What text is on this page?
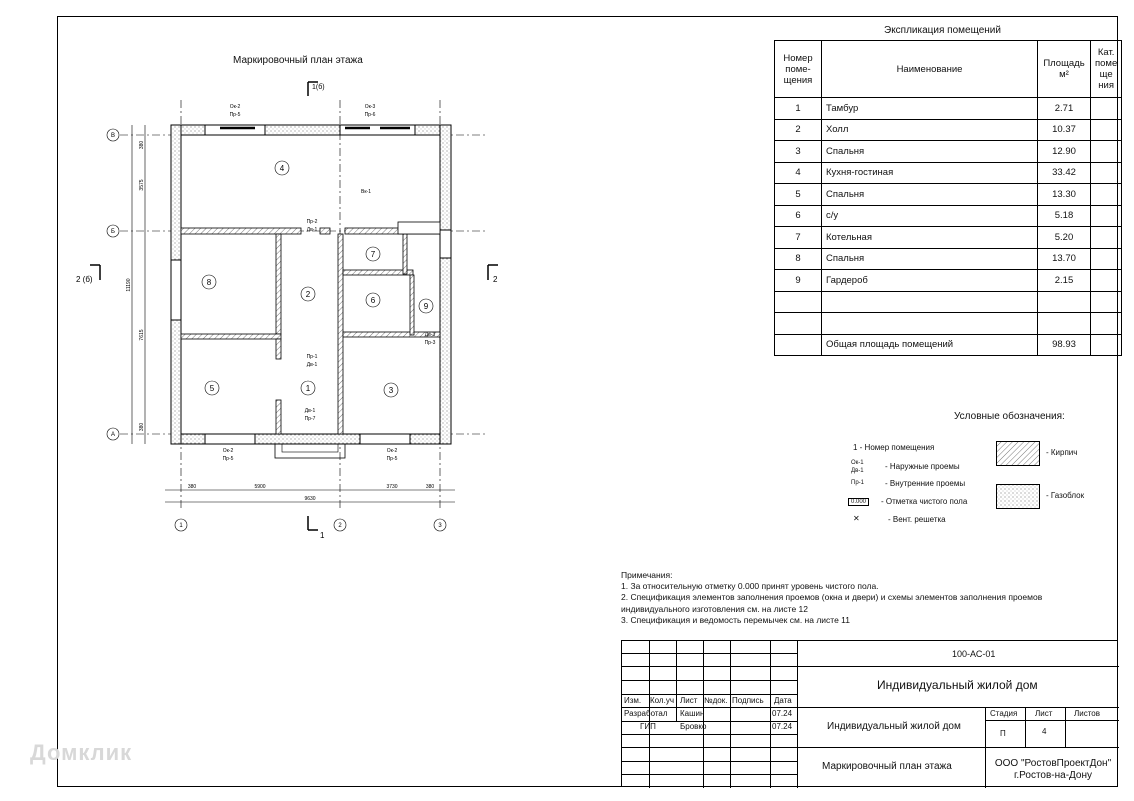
Маркировочный план этажа
4
7
6
8
2
9
5	1	3
В
Б
А
1	2	3
380	5900	3730	380
9630
380
3575
7615
380
11190
Ок-2
Пр-5
Ок-3
Пр-6
Ок-2
Пр-5
Ок-2
Пр-5
Вк-1
Пр-2
Дв-1
Пр-1
Дв-1
Дв-1
Пр-7
Дв-3
Пр-3
1(б)
1
2 (б)	2
Экспликация помещений
Номер поме-щения	Наименование	Площадь м²	Кат. поме ще ния
1	Тамбур	2.71	
2	Холл	10.37	
3	Спальня	12.90	
4	Кухня-гостиная	33.42	
5	Спальня	13.30	
6	с/у	5.18	
7	Котельная	5.20	
8	Спальня	13.70	
9	Гардероб	2.15	

	Общая площадь помещений	98.93	
Условные обозначения:
1 - Номер помещения
Ок-1
Дв-1	- Наружные проемы
Пр-1	- Внутренние проемы
0.000	- Отметка чистого пола
✕	- Вент. решетка
- Кирпич
- Газоблок
Примечания:
1. За относительную отметку 0.000 принят уровень чистого пола.
2. Спецификация элементов заполнения проемов (окна и двери) и схемы элементов заполнения проемов
индивидуального изготовления см. на листе 12
3. Спецификация и ведомость перемычек см. на листе 11
100-АС-01
Индивидуальный жилой дом
Индивидуальный жилой дом
Маркировочный план этажа	ООО "РостовПроектДон"
г.Ростов-на-Дону
Стадия Лист	Листов
П	4
Изм. Кол.уч Лист №док. Подпись Дата
Разработал Кашин	07.24
ГИП	Бровко	07.24
Домклик
